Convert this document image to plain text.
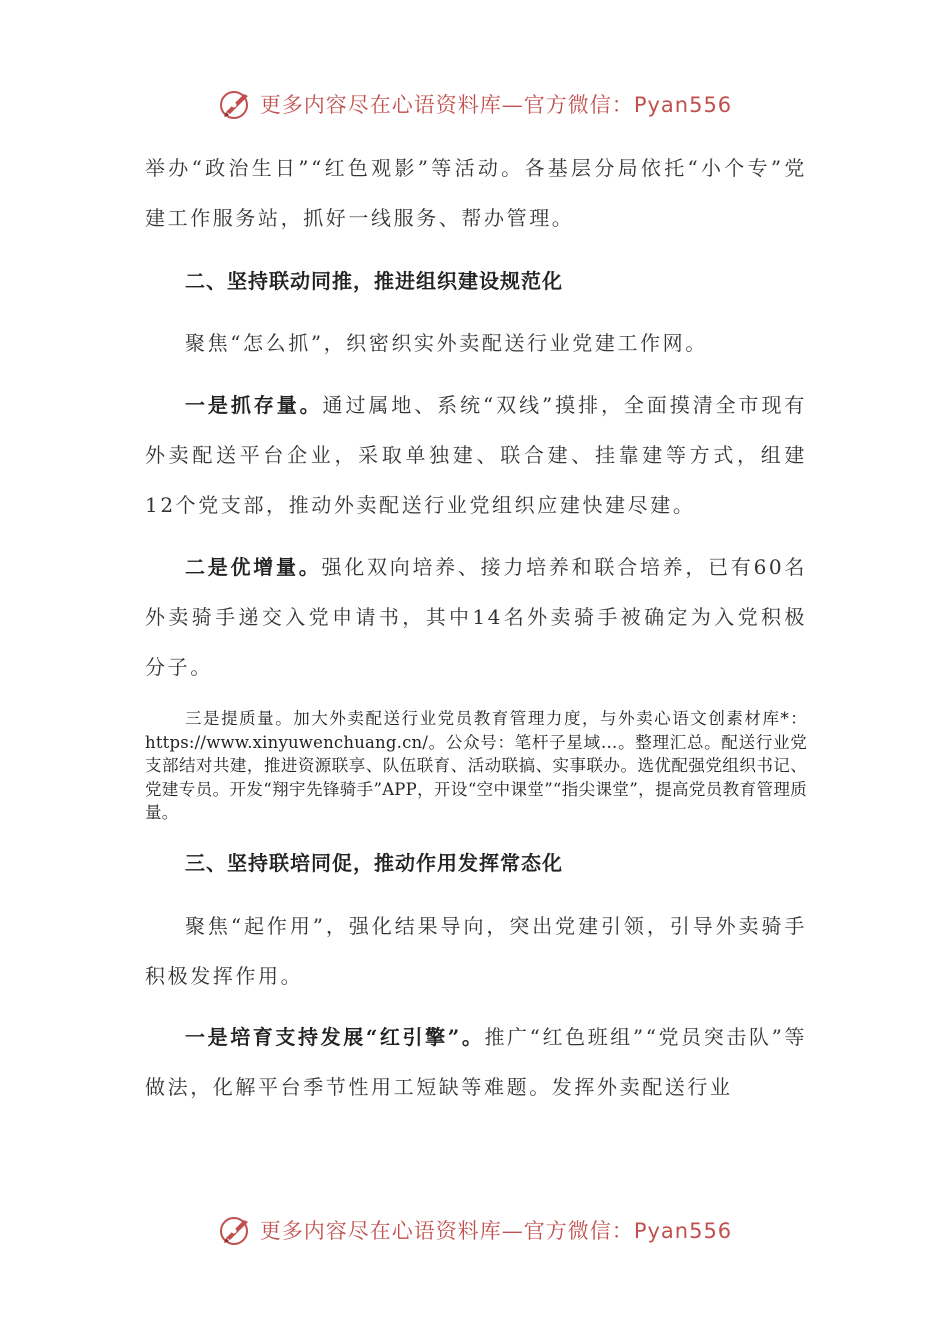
更多内容尽在心语资料库—官方微信：Pyan556

举办“政治生日”“红色观影”等活动。各基层分局依托“小个专”党建工作服务站，抓好一线服务、帮办管理。

二、坚持联动同推，推进组织建设规范化

聚焦“怎么抓”，织密织实外卖配送行业党建工作网。

一是抓存量。通过属地、系统“双线”摸排，全面摸清全市现有外卖配送平台企业，采取单独建、联合建、挂靠建等方式，组建12个党支部，推动外卖配送行业党组织应建快建尽建。

二是优增量。强化双向培养、接力培养和联合培养，已有60名外卖骑手递交入党申请书，其中14名外卖骑手被确定为入党积极分子。

三是提质量。加大外卖配送行业党员教育管理力度，与外卖心语文创素材库*：https://www.xinyuwenchuang.cn/。公众号：笔杆子星域…。整理汇总。配送行业党支部结对共建，推进资源联享、队伍联育、活动联搞、实事联办。选优配强党组织书记、党建专员。开发“翔宇先锋骑手”APP，开设“空中课堂”“指尖课堂”，提高党员教育管理质量。

三、坚持联培同促，推动作用发挥常态化

聚焦“起作用”，强化结果导向，突出党建引领，引导外卖骑手积极发挥作用。

一是培育支持发展“红引擎”。推广“红色班组”“党员突击队”等做法，化解平台季节性用工短缺等难题。发挥外卖配送行业

更多内容尽在心语资料库—官方微信：Pyan556
